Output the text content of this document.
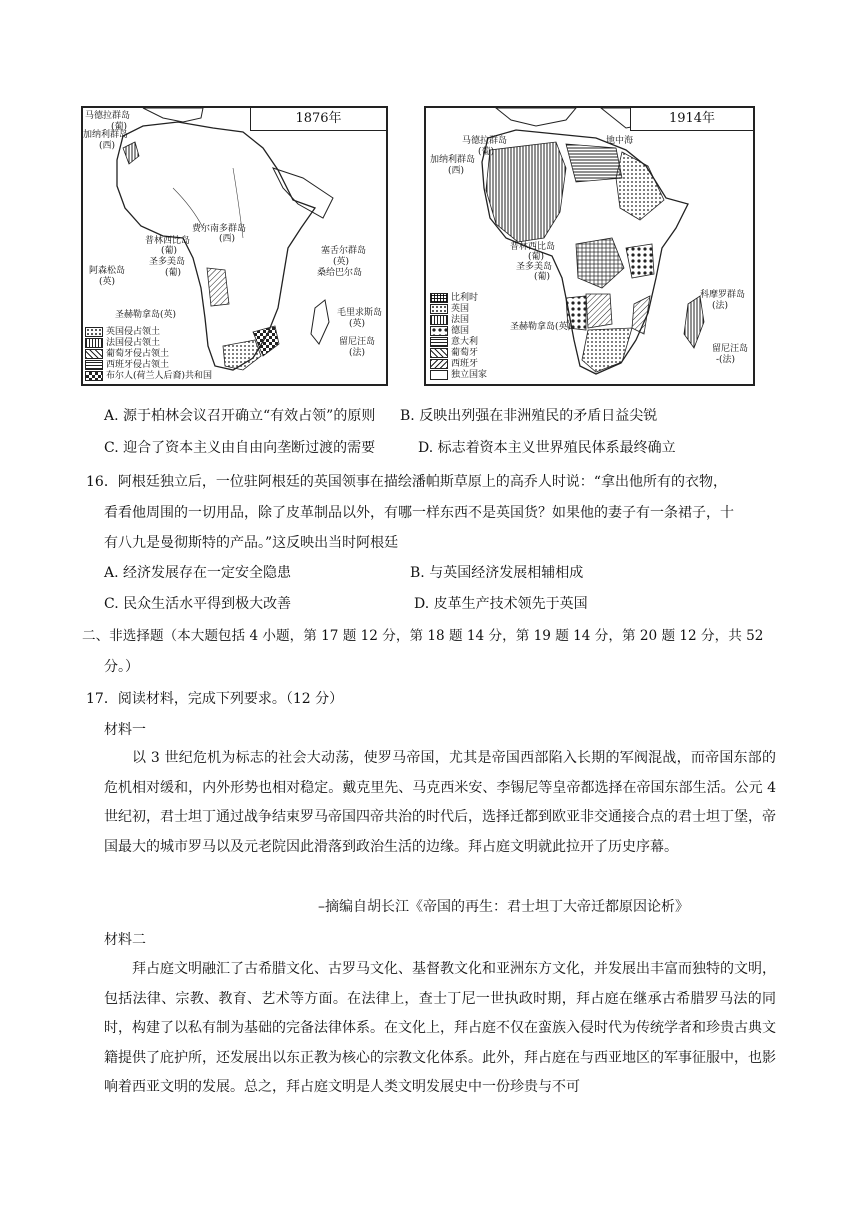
1876年
马德拉群岛
(葡)
加纳利群岛
(西)
费尔南多群岛
(西)
普林西比岛
(葡)
圣多美岛
(葡)
阿森松岛
(英)
圣赫勒拿岛(英)
塞舌尔群岛
(英)
桑给巴尔岛
毛里求斯岛
(英)
留尼汪岛
(法)
英国侵占领土
法国侵占领土
葡萄牙侵占领土
西班牙侵占领土
布尔人(荷兰人后裔)共和国
1914年
马德拉群岛
(葡)
加纳利群岛
(西)
地中海
普林西比岛
(葡)
圣多美岛
(葡)
科摩罗群岛
(法)
圣赫勒拿岛(英)
留尼汪岛
-(法)
比利时
英国
法国
德国
意大利
葡萄牙
西班牙
独立国家
A. 源于柏林会议召开确立“有效占领”的原则 B. 反映出列强在非洲殖民的矛盾日益尖锐
C. 迎合了资本主义由自由向垄断过渡的需要	D. 标志着资本主义世界殖民体系最终确立
16．阿根廷独立后，一位驻阿根廷的英国领事在描绘潘帕斯草原上的高乔人时说：“拿出他所有的衣物，
看看他周围的一切用品，除了皮革制品以外，有哪一样东西不是英国货？如果他的妻子有一条裙子，十
有八九是曼彻斯特的产品。”这反映出当时阿根廷
A. 经济发展存在一定安全隐患	B. 与英国经济发展相辅相成
C. 民众生活水平得到极大改善	D. 皮革生产技术领先于英国
二、非选择题（本大题包括 4 小题，第 17 题 12 分，第 18 题 14 分，第 19 题 14 分，第 20 题 12 分，共 52
分。）
17．阅读材料，完成下列要求。（12 分）
材料一
以 3 世纪危机为标志的社会大动荡，使罗马帝国，尤其是帝国西部陷入长期的军阀混战，而帝国东部的危机相对缓和，内外形势也相对稳定。戴克里先、马克西米安、李锡尼等皇帝都选择在帝国东部生活。公元 4 世纪初，君士坦丁通过战争结束罗马帝国四帝共治的时代后，选择迁都到欧亚非交通接合点的君士坦丁堡，帝国最大的城市罗马以及元老院因此滑落到政治生活的边缘。拜占庭文明就此拉开了历史序幕。
–摘编自胡长江《帝国的再生：君士坦丁大帝迁都原因论析》
材料二
拜占庭文明融汇了古希腊文化、古罗马文化、基督教文化和亚洲东方文化，并发展出丰富而独特的文明，包括法律、宗教、教育、艺术等方面。在法律上，查士丁尼一世执政时期，拜占庭在继承古希腊罗马法的同时，构建了以私有制为基础的完备法律体系。在文化上，拜占庭不仅在蛮族入侵时代为传统学者和珍贵古典文籍提供了庇护所，还发展出以东正教为核心的宗教文化体系。此外，拜占庭在与西亚地区的军事征服中，也影响着西亚文明的发展。总之，拜占庭文明是人类文明发展史中一份珍贵与不可
